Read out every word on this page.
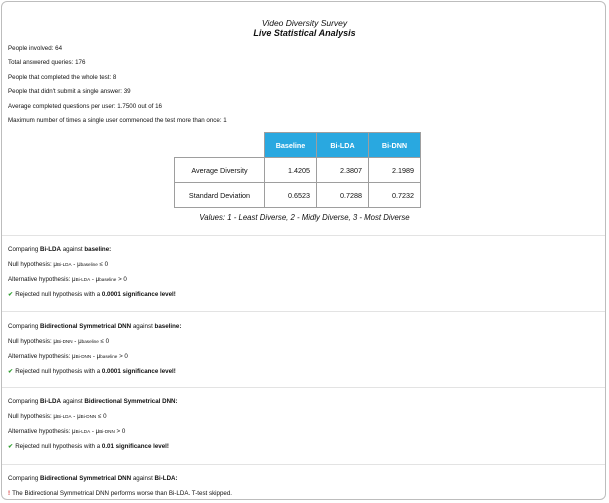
Video Diversity Survey
Live Statistical Analysis
People involved: 64
Total answered queries: 176
People that completed the whole test: 8
People that didn't submit a single answer: 39
Average completed questions per user: 1.7500 out of 16
Maximum number of times a single user commenced the test more than once: 1
	Baseline	Bi-LDA	Bi-DNN
Average Diversity	1.4205	2.3807	2.1989
Standard Deviation	0.6523	0.7288	0.7232
Values: 1 - Least Diverse, 2 - Midly Diverse, 3 - Most Diverse
Comparing Bi-LDA against baseline:
Null hypothesis: μBi-LDA - μbaseline ≤ 0
Alternative hypothesis: μBi-LDA - μbaseline > 0
✔ Rejected null hypothesis with a 0.0001 significance level!
Comparing Bidirectional Symmetrical DNN against baseline:
Null hypothesis: μBi-DNN - μbaseline ≤ 0
Alternative hypothesis: μBi-DNN - μbaseline > 0
✔ Rejected null hypothesis with a 0.0001 significance level!
Comparing Bi-LDA against Bidirectional Symmetrical DNN:
Null hypothesis: μBi-LDA - μBi-DNN ≤ 0
Alternative hypothesis: μBi-LDA - μBi-DNN > 0
✔ Rejected null hypothesis with a 0.01 significance level!
Comparing Bidirectional Symmetrical DNN against Bi-LDA:
! The Bidirectional Symmetrical DNN performs worse than Bi-LDA. T-test skipped.
